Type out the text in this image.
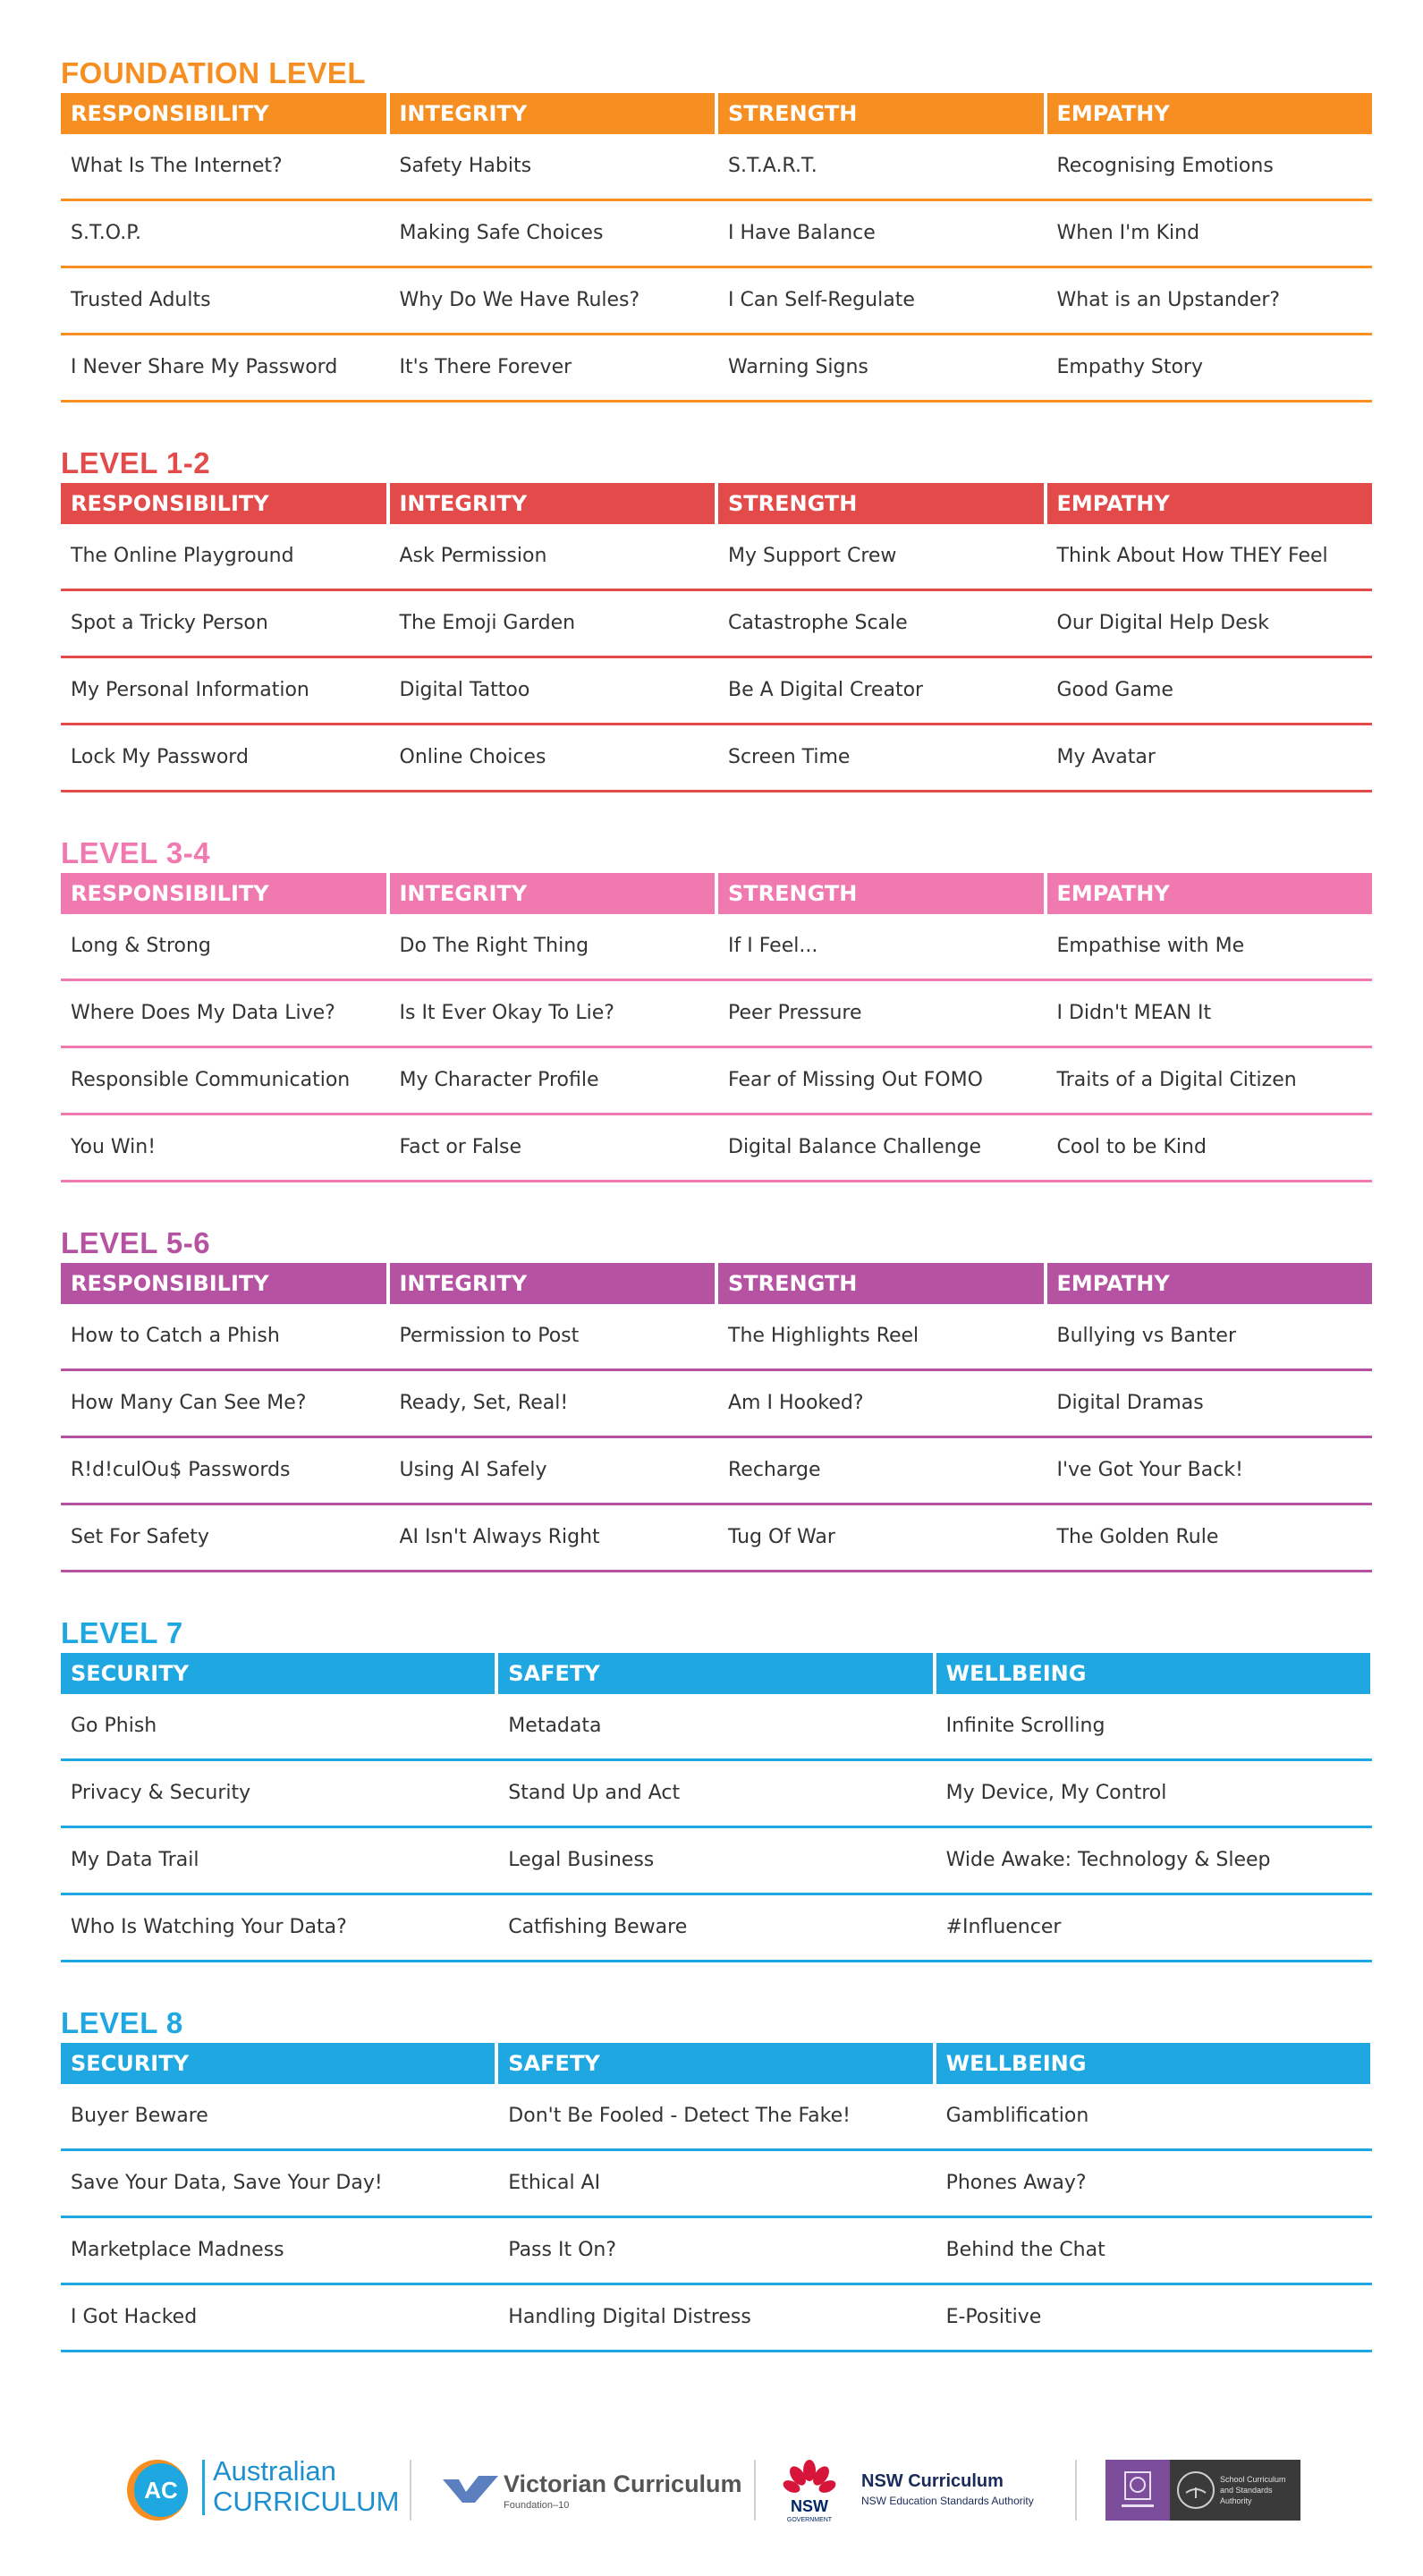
FOUNDATION LEVEL
RESPONSIBILITY	INTEGRITY	STRENGTH	EMPATHY
What Is The Internet?	Safety Habits	S.T.A.R.T.	Recognising Emotions
S.T.O.P.	Making Safe Choices	I Have Balance	When I'm Kind
Trusted Adults	Why Do We Have Rules?	I Can Self-Regulate	What is an Upstander?
I Never Share My Password	It's There Forever	Warning Signs	Empathy Story
LEVEL 1-2
RESPONSIBILITY	INTEGRITY	STRENGTH	EMPATHY
The Online Playground	Ask Permission	My Support Crew	Think About How THEY Feel
Spot a Tricky Person	The Emoji Garden	Catastrophe Scale	Our Digital Help Desk
My Personal Information	Digital Tattoo	Be A Digital Creator	Good Game
Lock My Password	Online Choices	Screen Time	My Avatar
LEVEL 3-4
RESPONSIBILITY	INTEGRITY	STRENGTH	EMPATHY
Long & Strong	Do The Right Thing	If I Feel...	Empathise with Me
Where Does My Data Live?	Is It Ever Okay To Lie?	Peer Pressure	I Didn't MEAN It
Responsible Communication	My Character Profile	Fear of Missing Out FOMO	Traits of a Digital Citizen
You Win!	Fact or False	Digital Balance Challenge	Cool to be Kind
LEVEL 5-6
RESPONSIBILITY	INTEGRITY	STRENGTH	EMPATHY
How to Catch a Phish	Permission to Post	The Highlights Reel	Bullying vs Banter
How Many Can See Me?	Ready, Set, Real!	Am I Hooked?	Digital Dramas
R!d!culOu$ Passwords	Using AI Safely	Recharge	I've Got Your Back!
Set For Safety	AI Isn't Always Right	Tug Of War	The Golden Rule
LEVEL 7
SECURITY	SAFETY	WELLBEING
Go Phish	Metadata	Infinite Scrolling
Privacy & Security	Stand Up and Act	My Device, My Control
My Data Trail	Legal Business	Wide Awake: Technology & Sleep
Who Is Watching Your Data?	Catfishing Beware	#Influencer
LEVEL 8
SECURITY	SAFETY	WELLBEING
Buyer Beware	Don't Be Fooled - Detect The Fake!	Gamblification
Save Your Data, Save Your Day!	Ethical AI	Phones Away?
Marketplace Madness	Pass It On?	Behind the Chat
I Got Hacked	Handling Digital Distress	E-Positive
AC
Australian
CURRICULUM
Victorian Curriculum
Foundation–10	NSW
GOVERNMENT
NSW Curriculum
NSW Education Standards Authority
School Curriculum
and Standards
Authority
